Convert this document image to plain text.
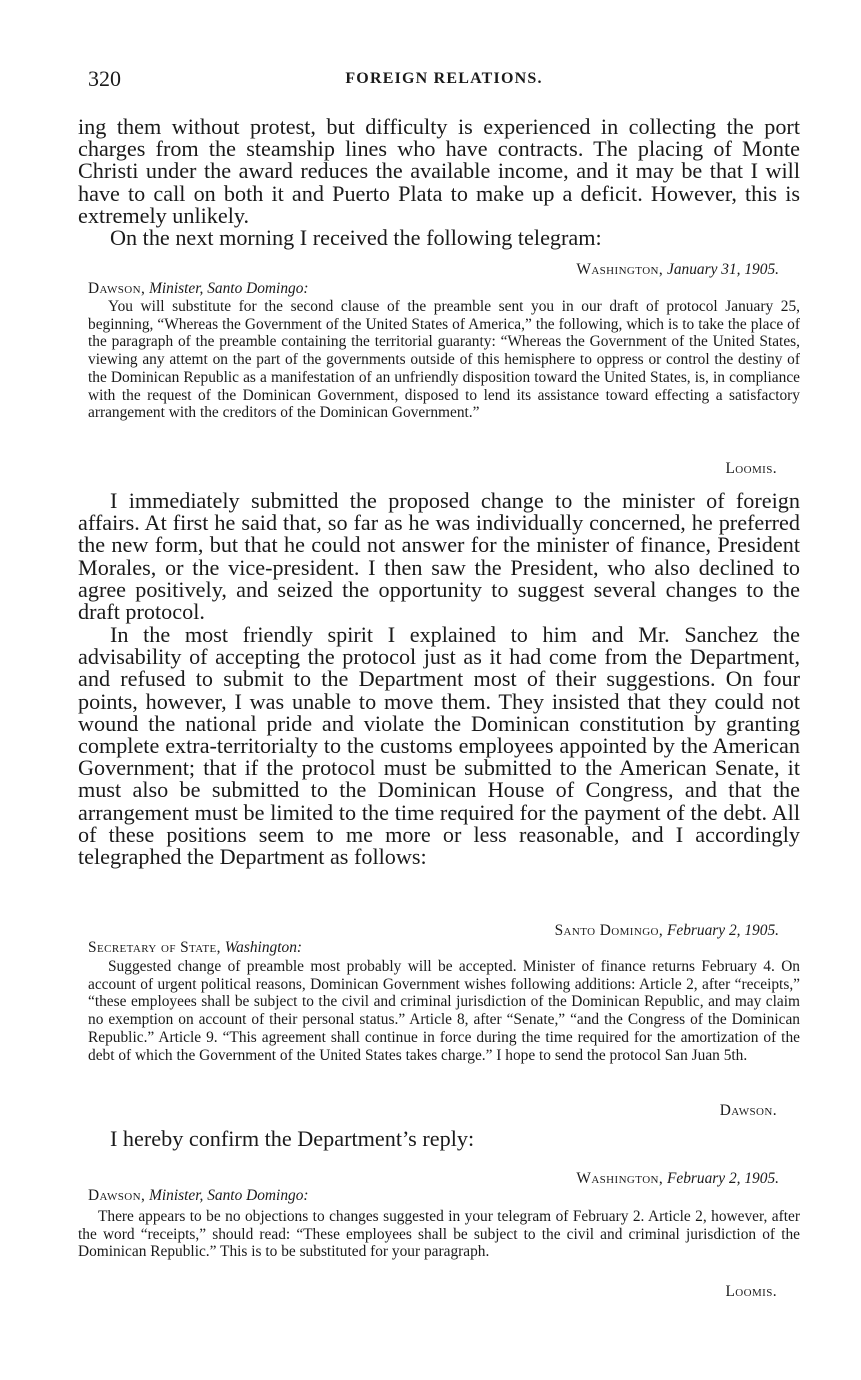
320	FOREIGN RELATIONS.

ing them without protest, but difficulty is experienced in collecting the port charges from the steamship lines who have contracts. The placing of Monte Christi under the award reduces the available income, and it may be that I will have to call on both it and Puerto Plata to make up a deficit. However, this is extremely unlikely.

On the next morning I received the following telegram:

Washington, January 31, 1905.
Dawson, Minister, Santo Domingo:

You will substitute for the second clause of the preamble sent you in our draft of protocol January 25, beginning, “Whereas the Government of the United States of America,” the following, which is to take the place of the paragraph of the preamble containing the territorial guaranty: “Whereas the Government of the United States, viewing any attemt on the part of the governments outside of this hemisphere to oppress or control the destiny of the Dominican Republic as a manifestation of an unfriendly disposition toward the United States, is, in compliance with the request of the Dominican Government, disposed to lend its assistance toward effecting a satisfactory arrangement with the creditors of the Dominican Government.”

Loomis.

I immediately submitted the proposed change to the minister of foreign affairs. At first he said that, so far as he was individually concerned, he preferred the new form, but that he could not answer for the minister of finance, President Morales, or the vice-president. I then saw the President, who also declined to agree positively, and seized the opportunity to suggest several changes to the draft protocol.

In the most friendly spirit I explained to him and Mr. Sanchez the advisability of accepting the protocol just as it had come from the Department, and refused to submit to the Department most of their suggestions. On four points, however, I was unable to move them. They insisted that they could not wound the national pride and violate the Dominican constitution by granting complete extra-territorialty to the customs employees appointed by the American Government; that if the protocol must be submitted to the American Senate, it must also be submitted to the Dominican House of Congress, and that the arrangement must be limited to the time required for the payment of the debt. All of these positions seem to me more or less reasonable, and I accordingly telegraphed the Department as follows:

Santo Domingo, February 2, 1905.
Secretary of State, Washington:

Suggested change of preamble most probably will be accepted. Minister of finance returns February 4. On account of urgent political reasons, Dominican Government wishes following additions: Article 2, after “receipts,” “these employees shall be subject to the civil and criminal jurisdiction of the Dominican Republic, and may claim no exemption on account of their personal status.” Article 8, after “Senate,” “and the Congress of the Dominican Republic.” Article 9. “This agreement shall continue in force during the time required for the amortization of the debt of which the Government of the United States takes charge.” I hope to send the protocol San Juan 5th.

Dawson.

I hereby confirm the Department’s reply:

Washington, February 2, 1905.
Dawson, Minister, Santo Domingo:

There appears to be no objections to changes suggested in your telegram of February 2. Article 2, however, after the word “receipts,” should read: “These employees shall be subject to the civil and criminal jurisdiction of the Dominican Republic.” This is to be substituted for your paragraph.

Loomis.
